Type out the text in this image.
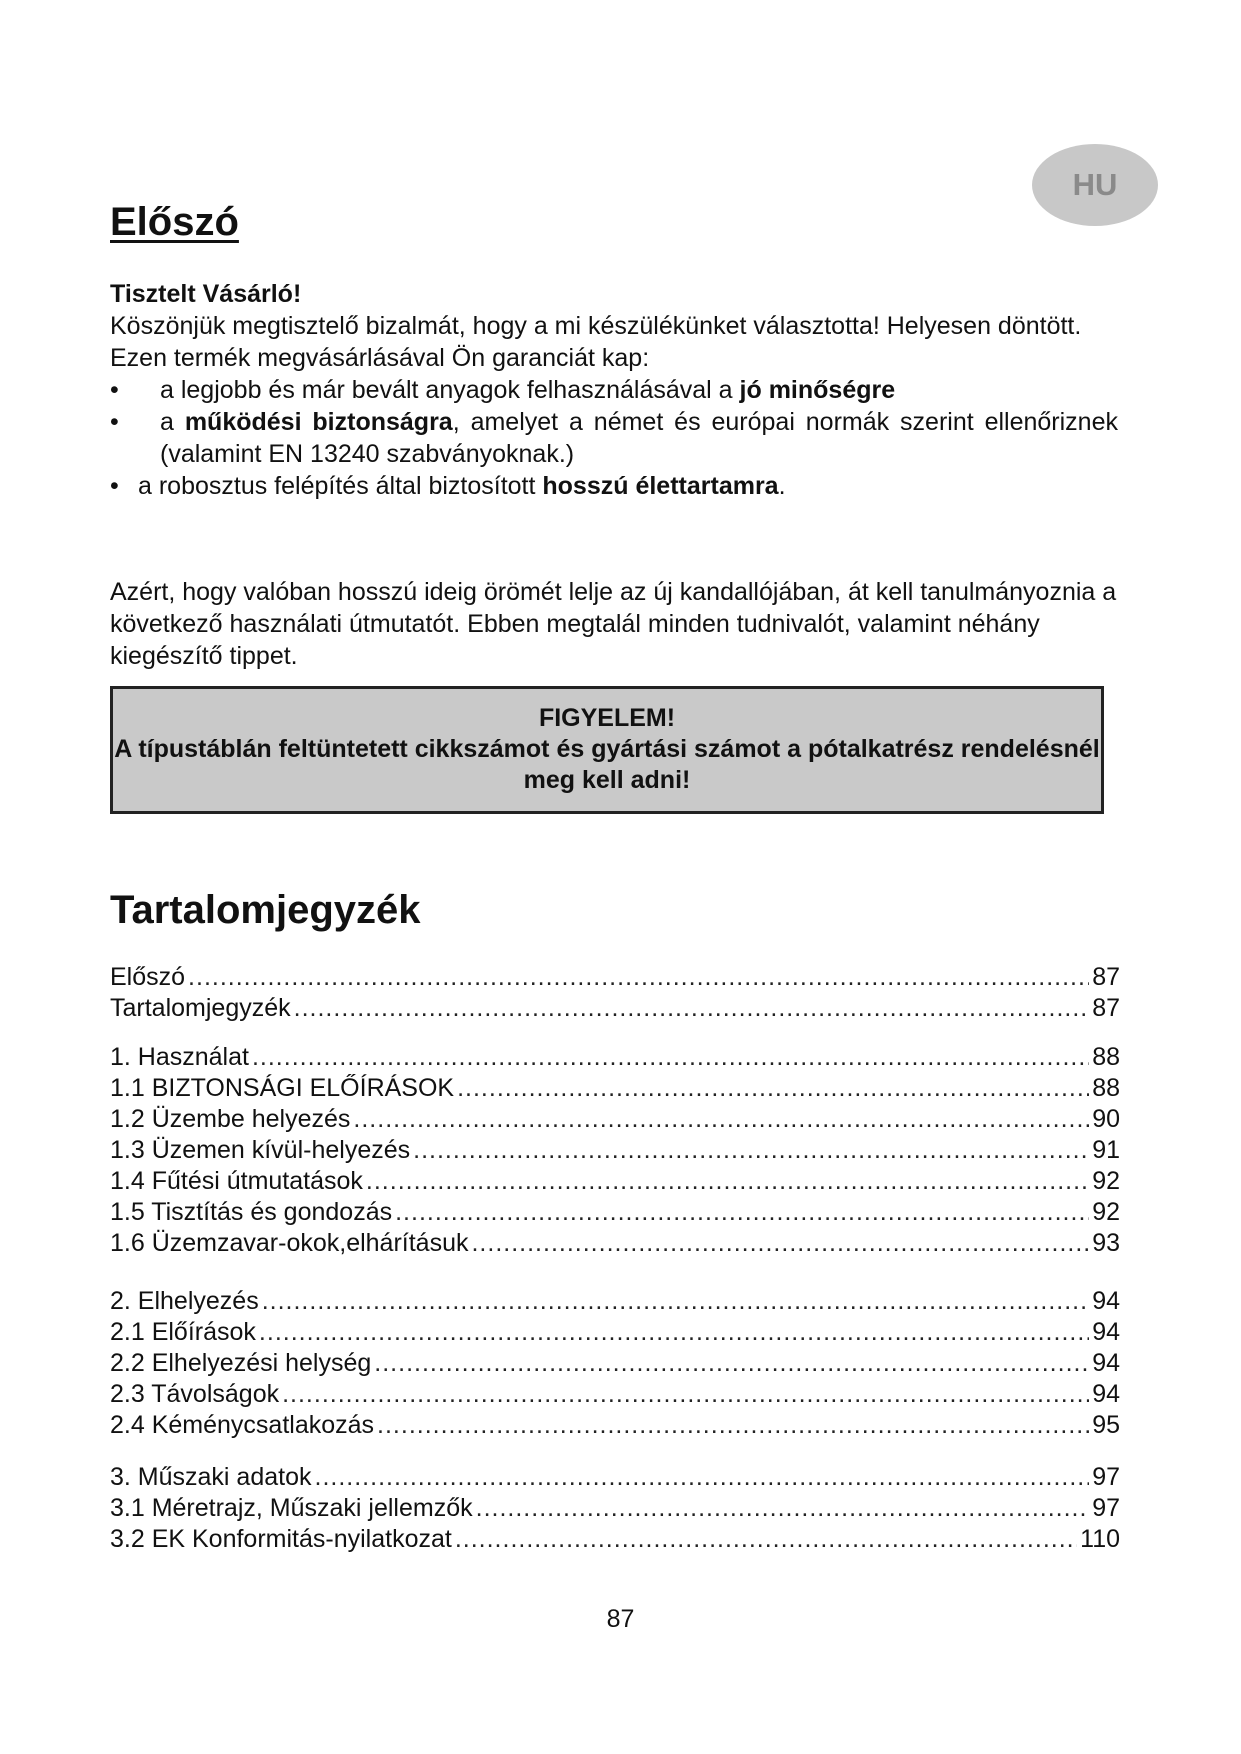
HU
Előszó

Tisztelt Vásárló!

Köszönjük megtisztelő bizalmát, hogy a mi készülékünket választotta! Helyesen döntött.

Ezen termék megvásárlásával Ön garanciát kap:

• a legjobb és már bevált anyagok felhasználásával a jó minőségre
• a működési biztonságra, amelyet a német és európai normák szerint ellenőriznek (valamint EN 13240 szabványoknak.)
• a robosztus felépítés által biztosított hosszú élettartamra.

Azért, hogy valóban hosszú ideig örömét lelje az új kandallójában, át kell tanulmányoznia a következő használati útmutatót. Ebben megtalál minden tudnivalót, valamint néhány kiegészítő tippet.

FIGYELEM!

A típustáblán feltüntetett cikkszámot és gyártási számot a pótalkatrész rendelésnél meg kell adni!

Tartalomjegyzék
Előszó .....	87
Tartalomjegyzék .....	87
1. Használat .....	88
1.1 BIZTONSÁGI ELŐÍRÁSOK .....	88
1.2 Üzembe helyezés .....	90
1.3 Üzemen kívül-helyezés .....	91
1.4 Fűtési útmutatások .....	92
1.5 Tisztítás és gondozás .....	92
1.6 Üzemzavar-okok,elhárításuk .....	93
2. Elhelyezés .....	94
2.1 Előírások .....	94
2.2 Elhelyezési helység .....	94
2.3 Távolságok .....	94
2.4 Kéménycsatlakozás .....	95
3. Műszaki adatok .....	97
3.1 Méretrajz, Műszaki jellemzők .....	97
3.2 EK Konformitás-nyilatkozat .....	110
87
